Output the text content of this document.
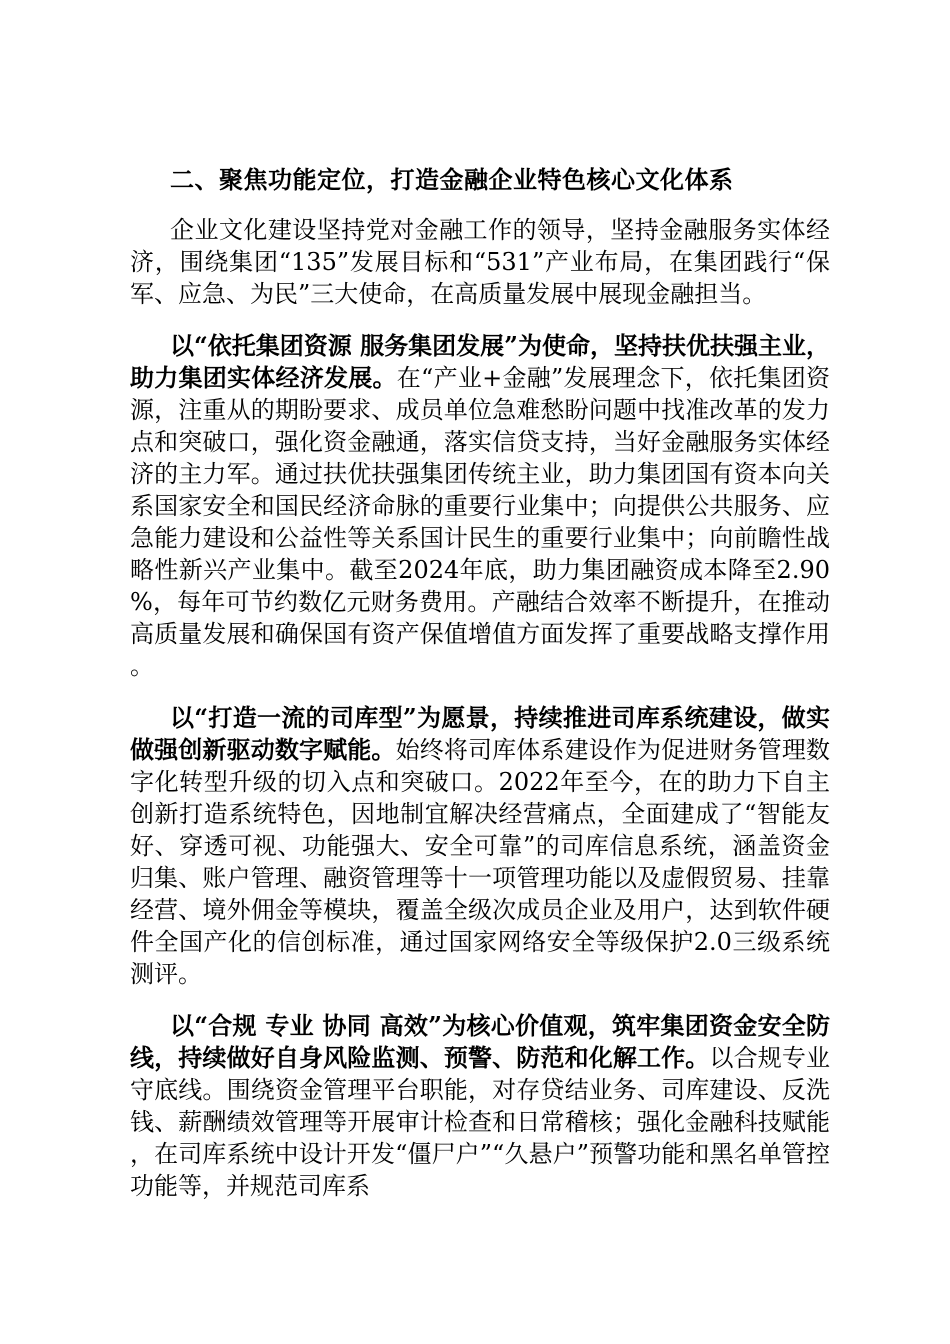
二、聚焦功能定位，打造金融企业特色核心文化体系

企业文化建设坚持党对金融工作的领导，坚持金融服务实体经济，围绕集团“135”发展目标和“531”产业布局，在集团践行“保军、应急、为民”三大使命，在高质量发展中展现金融担当。

以“依托集团资源 服务集团发展”为使命，坚持扶优扶强主业，助力集团实体经济发展。在“产业+金融”发展理念下，依托集团资源，注重从的期盼要求、成员单位急难愁盼问题中找准改革的发力点和突破口，强化资金融通，落实信贷支持，当好金融服务实体经济的主力军。通过扶优扶强集团传统主业，助力集团国有资本向关系国家安全和国民经济命脉的重要行业集中；向提供公共服务、应急能力建设和公益性等关系国计民生的重要行业集中；向前瞻性战略性新兴产业集中。截至2024年底，助力集团融资成本降至2.90%，每年可节约数亿元财务费用。产融结合效率不断提升，在推动高质量发展和确保国有资产保值增值方面发挥了重要战略支撑作用。

以“打造一流的司库型”为愿景，持续推进司库系统建设，做实做强创新驱动数字赋能。始终将司库体系建设作为促进财务管理数字化转型升级的切入点和突破口。2022年至今，在的助力下自主创新打造系统特色，因地制宜解决经营痛点，全面建成了“智能友好、穿透可视、功能强大、安全可靠”的司库信息系统，涵盖资金归集、账户管理、融资管理等十一项管理功能以及虚假贸易、挂靠经营、境外佣金等模块，覆盖全级次成员企业及用户，达到软件硬件全国产化的信创标准，通过国家网络安全等级保护2.0三级系统测评。

以“合规 专业 协同 高效”为核心价值观，筑牢集团资金安全防线，持续做好自身风险监测、预警、防范和化解工作。以合规专业守底线。围绕资金管理平台职能，对存贷结业务、司库建设、反洗钱、薪酬绩效管理等开展审计检查和日常稽核；强化金融科技赋能，在司库系统中设计开发“僵尸户”“久悬户”预警功能和黑名单管控功能等，并规范司库系
